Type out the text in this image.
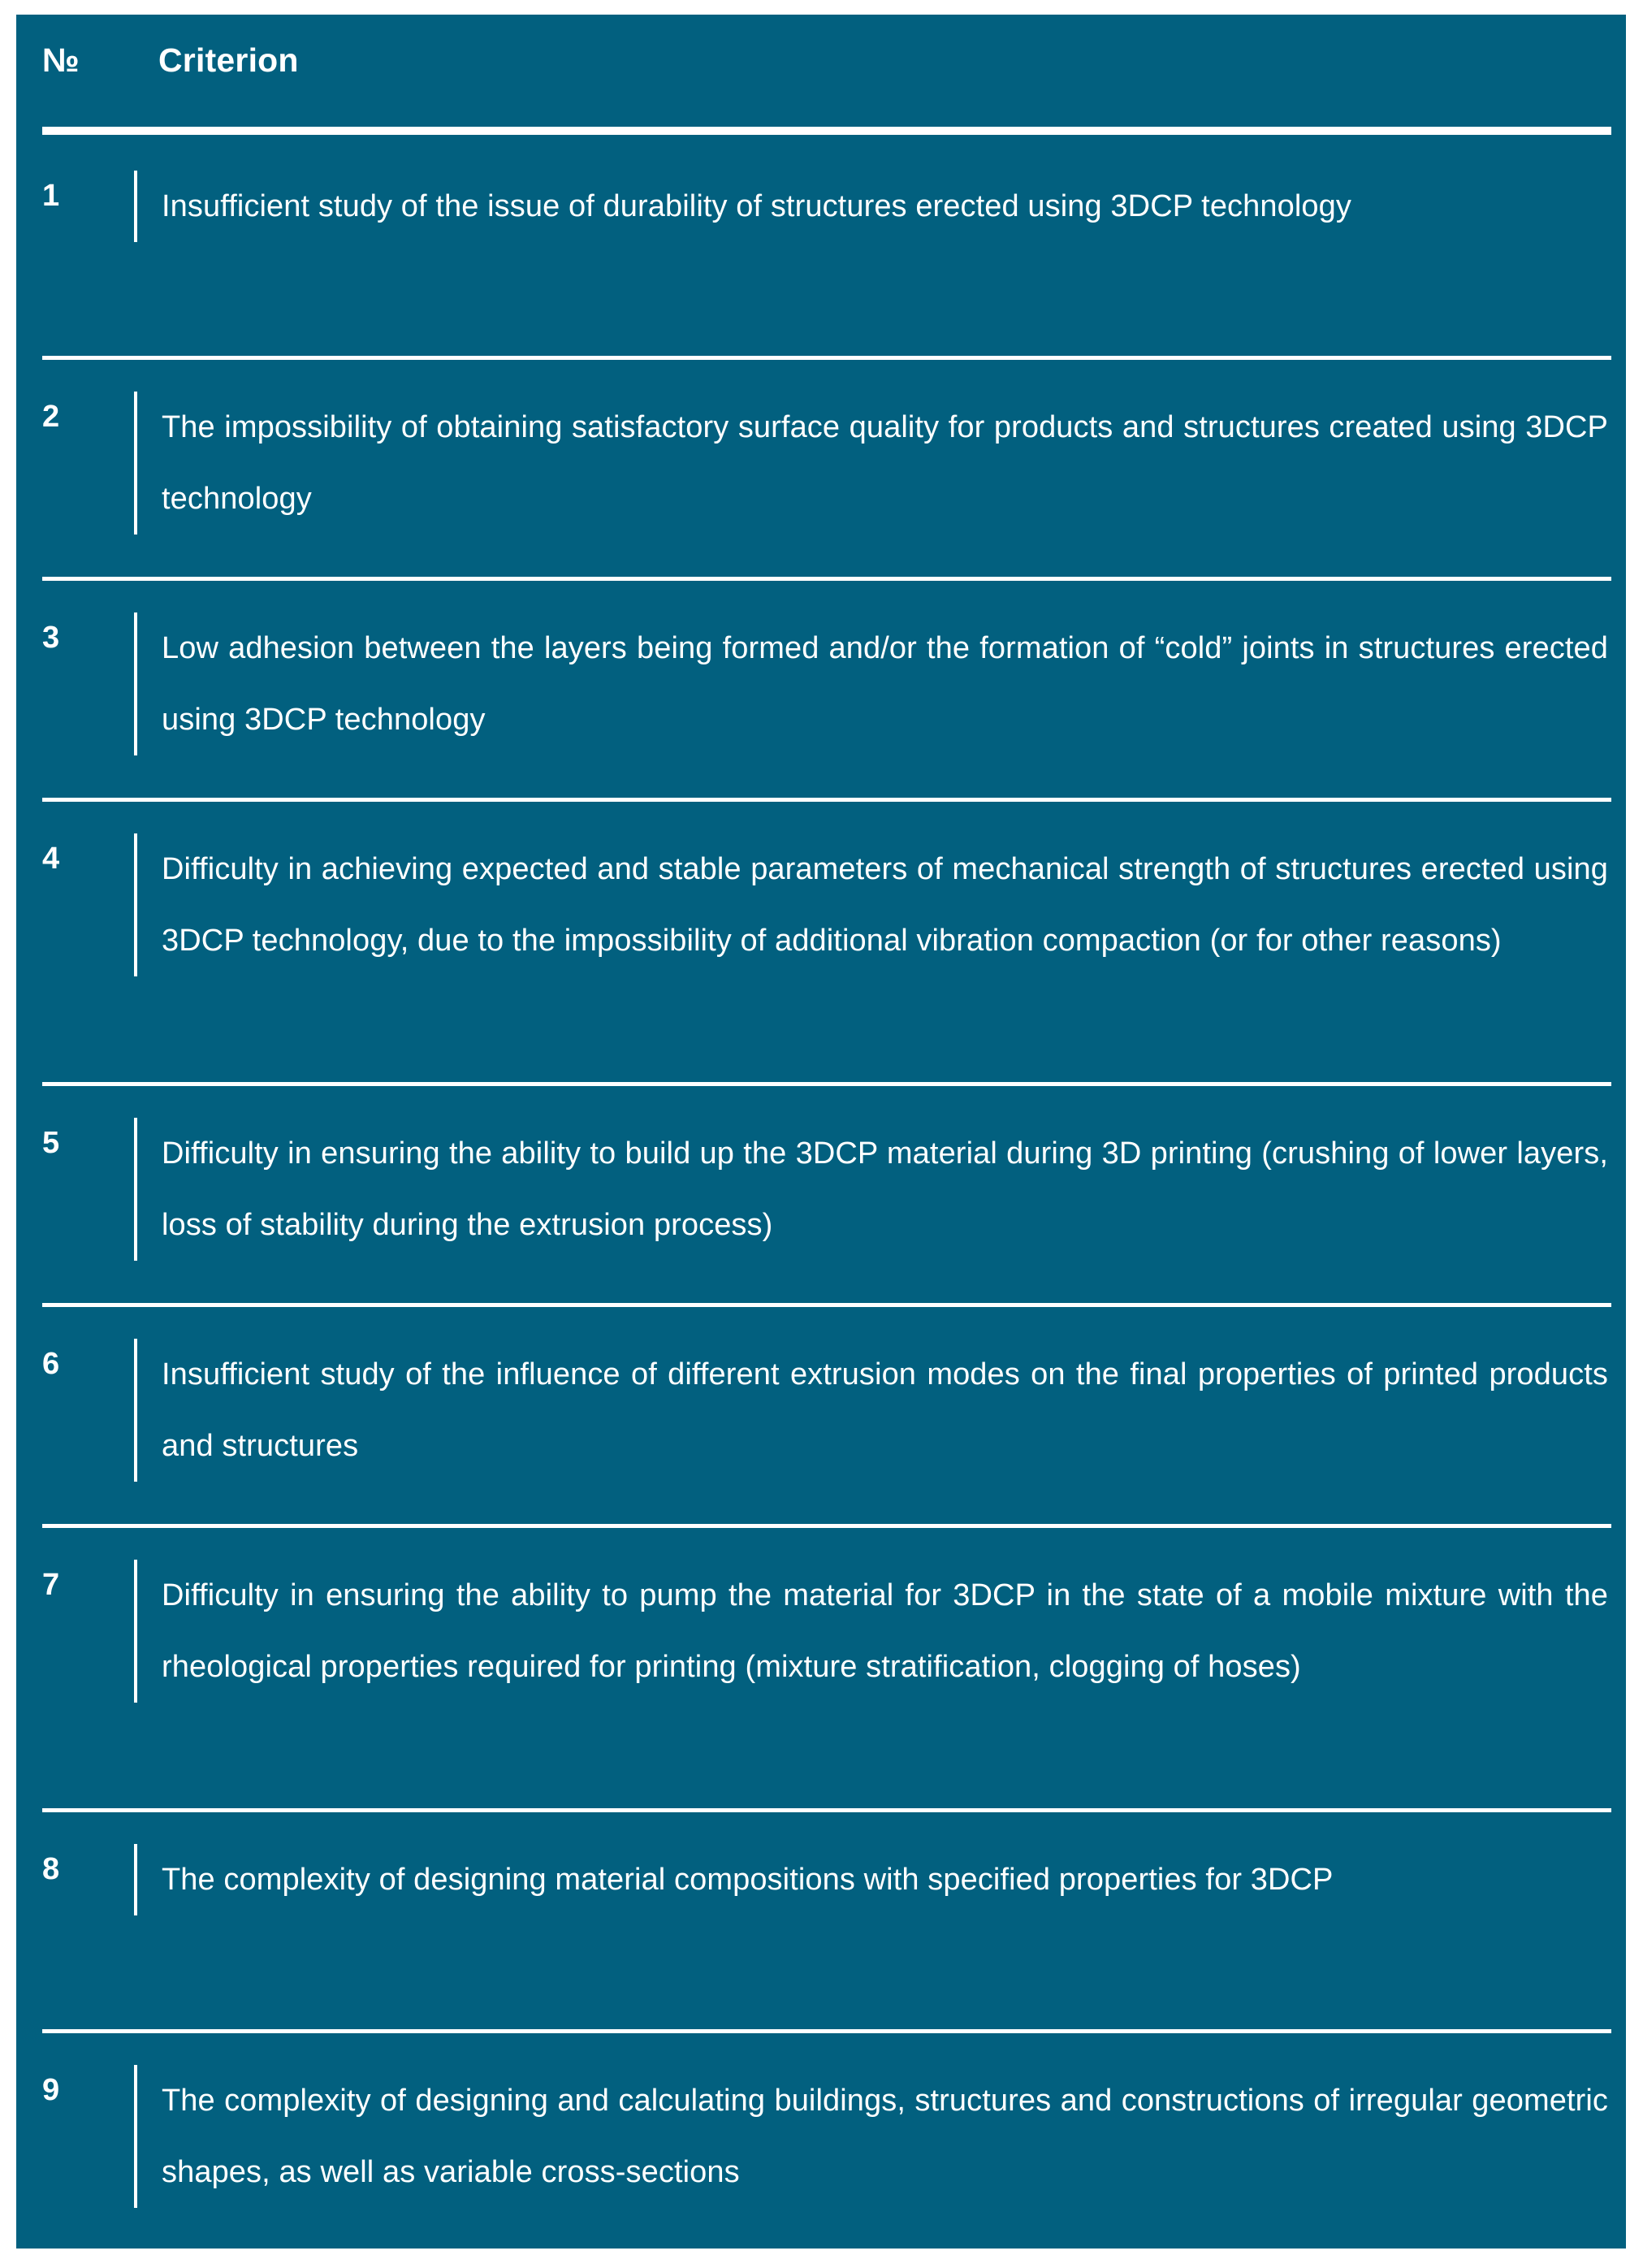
№	Criterion
1	Insufficient study of the issue of durability of structures erected using 3DCP technology
2	The impossibility of obtaining satisfactory surface quality for products and structures created using 3DCP technology
3	Low adhesion between the layers being formed and/or the formation of “cold” joints in structures erected using 3DCP technology
4	Difficulty in achieving expected and stable parameters of mechanical strength of structures erected using 3DCP technology, due to the impossibility of additional vibration compaction (or for other reasons)
5	Difficulty in ensuring the ability to build up the 3DCP material during 3D printing (crushing of lower layers, loss of stability during the extrusion process)
6	Insufficient study of the influence of different extrusion modes on the final properties of printed products and structures
7	Difficulty in ensuring the ability to pump the material for 3DCP in the state of a mobile mixture with the rheological properties required for printing (mixture stratification, clogging of hoses)
8	The complexity of designing material compositions with specified properties for 3DCP
9	The complexity of designing and calculating buildings, structures and constructions of irregular geometric shapes, as well as variable cross-sections
